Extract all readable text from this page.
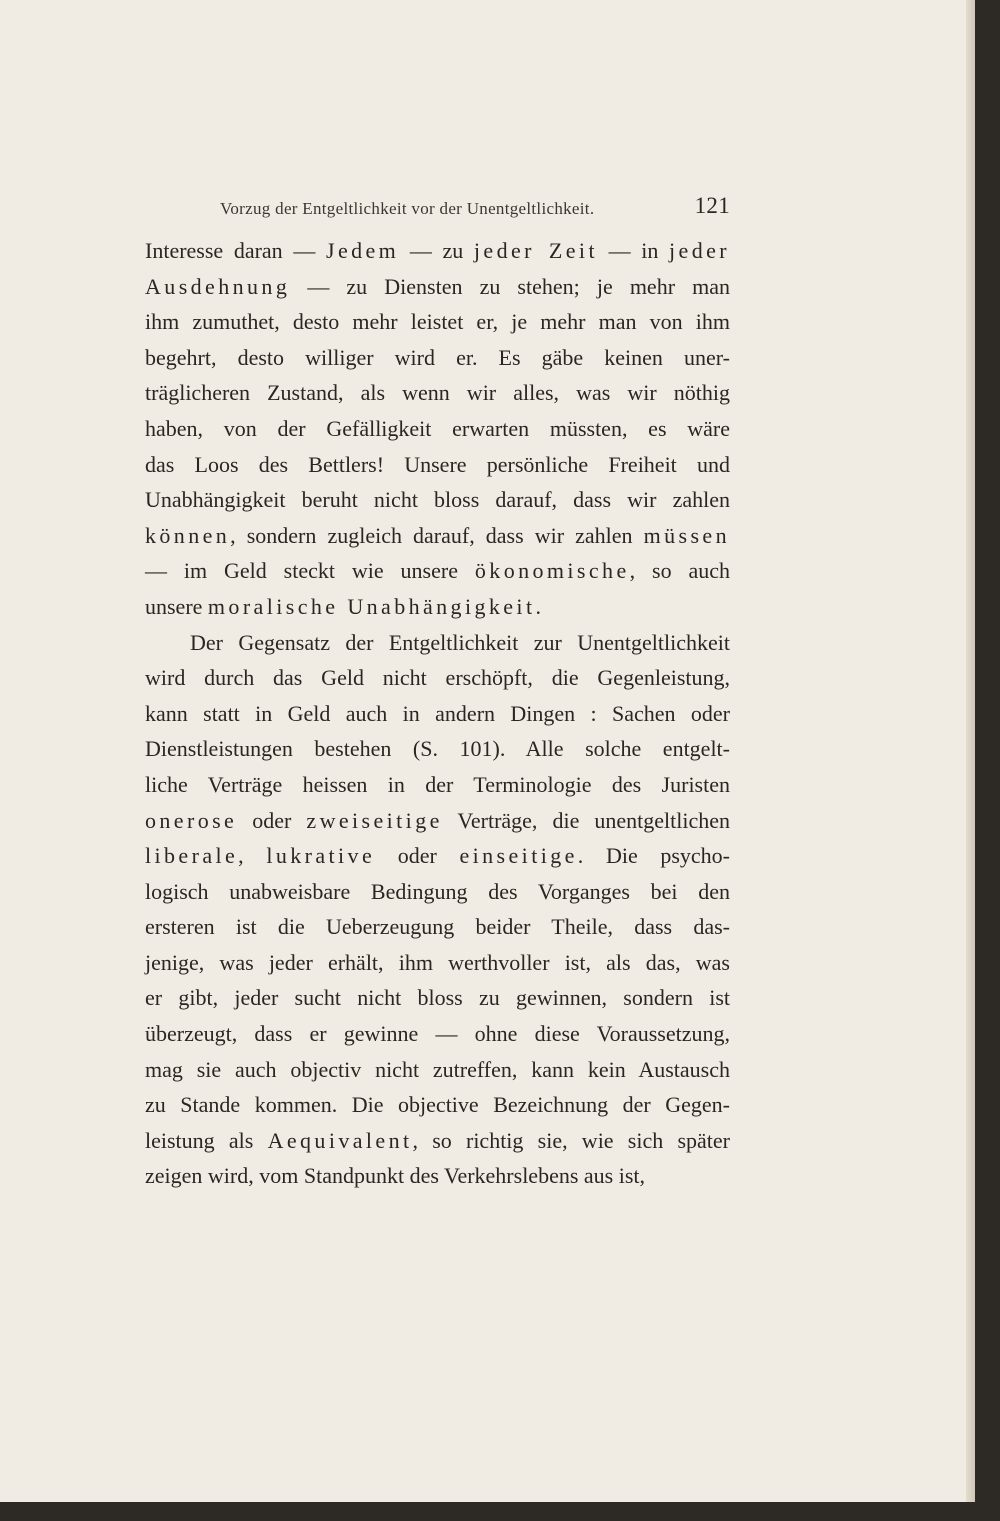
Vorzug der Entgeltlichkeit vor der Unentgeltlichkeit.	121
Interesse daran — Jedem — zu jeder Zeit — in jeder
Ausdehnung — zu Diensten zu stehen; je mehr man
ihm zumuthet, desto mehr leistet er, je mehr man von ihm
begehrt, desto williger wird er. Es gäbe keinen uner-
träglicheren Zustand, als wenn wir alles, was wir nöthig
haben, von der Gefälligkeit erwarten müssten, es wäre
das Loos des Bettlers! Unsere persönliche Freiheit und
Unabhängigkeit beruht nicht bloss darauf, dass wir zahlen
können, sondern zugleich darauf, dass wir zahlen müssen
— im Geld steckt wie unsere ökonomische, so auch
unsere moralische Unabhängigkeit.
Der Gegensatz der Entgeltlichkeit zur Unentgeltlichkeit
wird durch das Geld nicht erschöpft, die Gegenleistung,
kann statt in Geld auch in andern Dingen : Sachen oder
Dienstleistungen bestehen (S. 101). Alle solche entgelt-
liche Verträge heissen in der Terminologie des Juristen
onerose oder zweiseitige Verträge, die unentgeltlichen
liberale, lukrative oder einseitige. Die psycho-
logisch unabweisbare Bedingung des Vorganges bei den
ersteren ist die Ueberzeugung beider Theile, dass das-
jenige, was jeder erhält, ihm werthvoller ist, als das, was
er gibt, jeder sucht nicht bloss zu gewinnen, sondern ist
überzeugt, dass er gewinne — ohne diese Voraussetzung,
mag sie auch objectiv nicht zutreffen, kann kein Austausch
zu Stande kommen. Die objective Bezeichnung der Gegen-
leistung als Aequivalent, so richtig sie, wie sich später
zeigen wird, vom Standpunkt des Verkehrslebens aus ist,
